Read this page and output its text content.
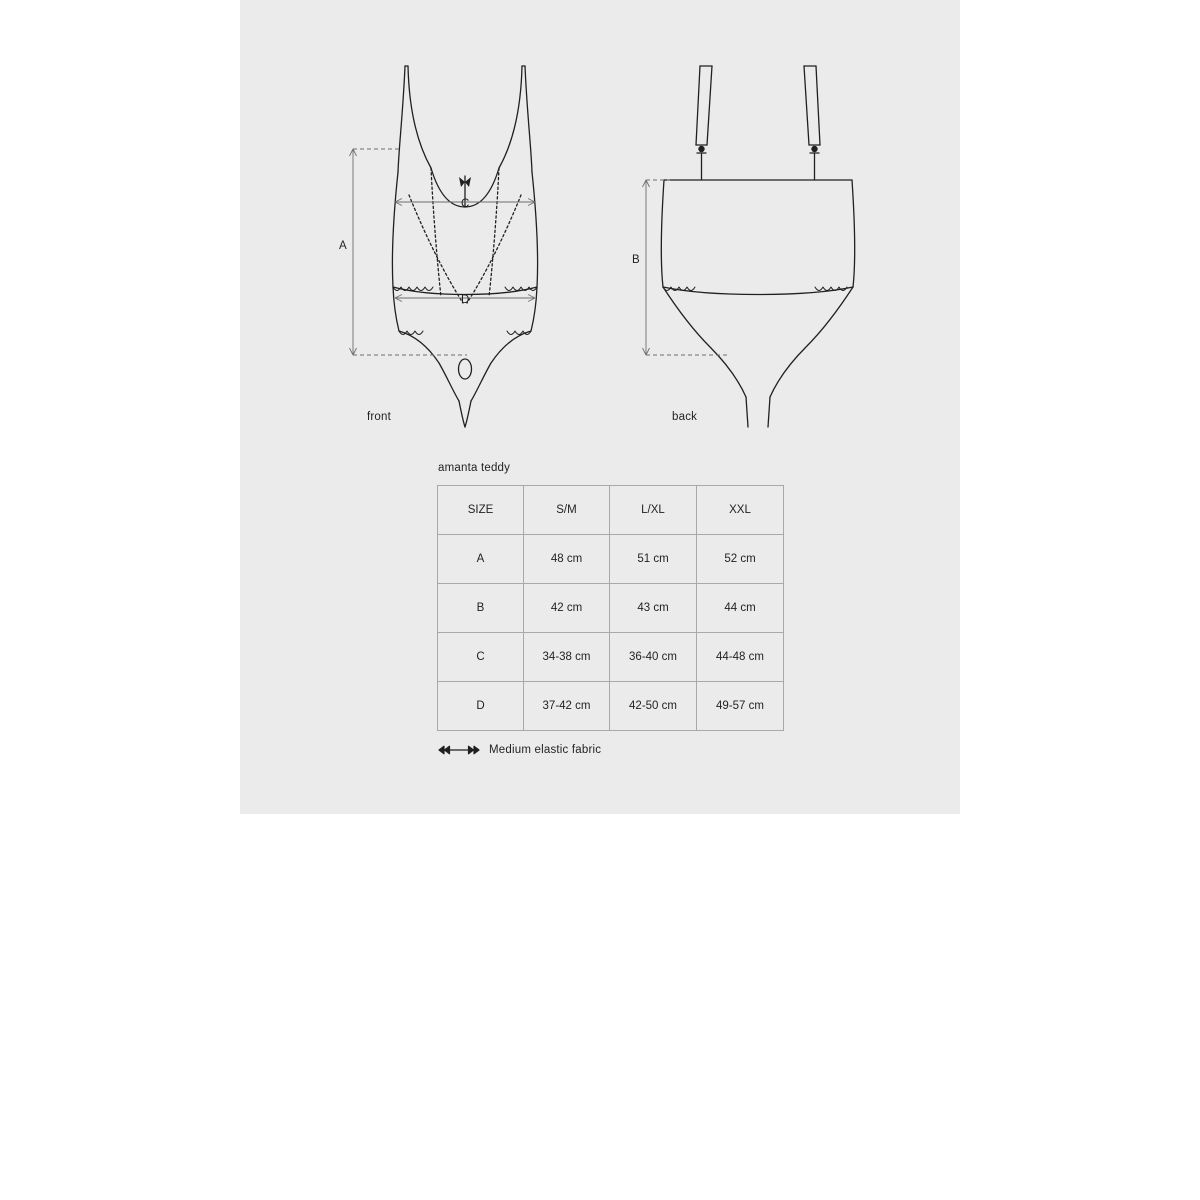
A
C
D
B
front	back
amanta teddy
SIZE	S/M	L/XL	XXL
A	48 cm	51 cm	52 cm
B	42 cm	43 cm	44 cm
C	34-38 cm	36-40 cm	44-48 cm
D	37-42 cm	42-50 cm	49-57 cm
Medium elastic fabric
